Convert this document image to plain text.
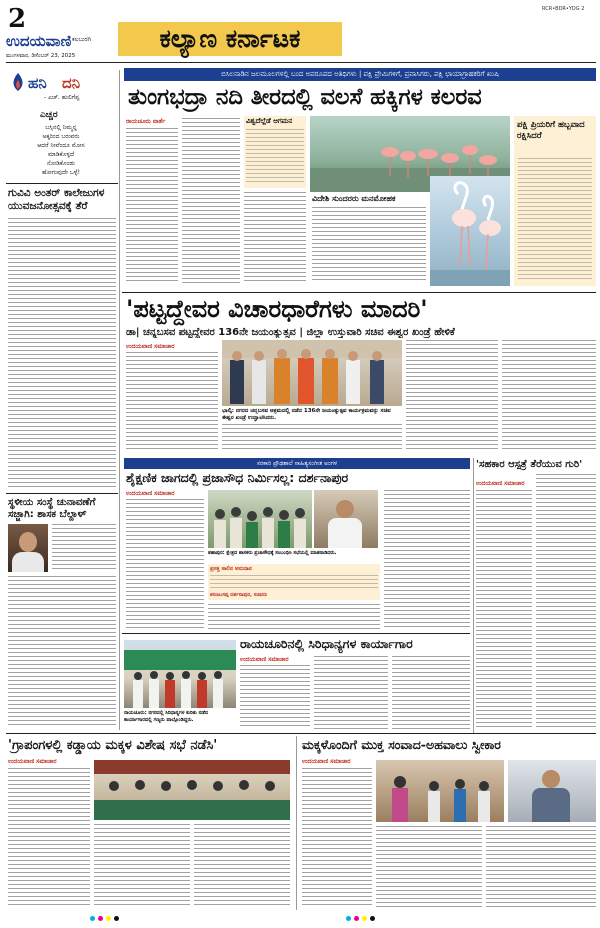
2
ಉದಯವಾಣಿ ಕಲಬುರಗಿ
ಮಂಗಳವಾರ, ಡಿಸೆಂಬರ್ 23, 2025
ಕಲ್ಯಾಣ ಕರ್ನಾಟಕ
RCR•BDR•YDG 2
ಹನಿ ದನಿ
- ಎಚ್. ಹುಲಿಗೆಪ್ಪ
ಎಚ್ಚರ
ಬಸ್ಸಿನಲ್ಲಿ ನಿಮ್ಮನ್ನ
ಅಕ್ಕರಿಂದ ಬರುವರು
ಆದರೆ ನೀವೆಂದೂ ಮೋಸ
ಮಾಡಿಕೊಳ್ಳದೆ
ನೋಡಿಕೊಂಡು
ಹೋಗುವುದೇ ಒಳ್ಳೆ!
ಗುವಿವಿ ಅಂತರ್ ಕಾಲೇಜುಗಳ ಯುವಜನೋತ್ಸವಕ್ಕೆ ತೆರೆ
ಸ್ಥಳೀಯ ಸಂಸ್ಥೆ ಚುನಾವಣೆಗೆ ಸಜ್ಜಾಗಿ: ಶಾಸಕ ಬೆಲ್ದಾಳ್
ಬಿಸಿಲನಾಡಿನ ಜಲಮೂಲಗಳಲ್ಲಿ ಬಂದ ಅಪರೂಪದ ಅತಿಥಿಗಳು | ಪಕ್ಷಿ ಪ್ರೇಮಿಗಳಿಗೆ, ಪ್ರವಾಸಿಗರು, ಪಕ್ಷಿ ಛಾಯಾಗ್ರಾಹಕರಿಗೆ ಖುಷಿ
ತುಂಗಭದ್ರಾ ನದಿ ತೀರದಲ್ಲಿ ವಲಸೆ ಹಕ್ಕಿಗಳ ಕಲರವ
ರಾಯಚೂರು ವಾರ್ತೆ	ವಿಶ್ವದೆಲ್ಲೆಡೆ ಆಗಮನ
ವಿದೇಶಿ ಸುಂದರರು ಮನಮೋಹಕ
ಪಕ್ಷಿ ಪ್ರಿಯರಿಗೆ ಹಬ್ಬವಾದ ರಕ್ಷಿಸಿದರೆ
'ಪಟ್ಟದ್ದೇವರ ವಿಚಾರಧಾರೆಗಳು ಮಾದರಿ'
ಡಾ| ಚನ್ನಬಸವ ಪಟ್ಟದ್ದೇವರ 136ನೇ ಜಯಂತ್ಯುತ್ಸವ | ಜಿಲ್ಲಾ ಉಸ್ತುವಾರಿ ಸಚಿವ ಈಶ್ವರ ಖಂಡ್ರೆ ಹೇಳಿಕೆ
ಉದಯವಾಣಿ ಸಮಾಚಾರ
ಭಾಲ್ಕಿ: ನಗರದ ಚನ್ನಬಸವ ಆಶ್ರಮದಲ್ಲಿ ನಡೆದ 136ನೇ ಜಯಂತ್ಯುತ್ಸವ ಕಾರ್ಯಕ್ರಮವನ್ನು ಸಚಿವ ಈಶ್ವರ ಖಂಡ್ರೆ ಉದ್ಘಾಟಿಸಿದರು.
ಸರಕಾರಿ ಪ್ರೌಢಶಾಲೆ ಸಾಹಿತ್ಯಸಂಗೀತ ಅಂಗಳ
ಶೈಕ್ಷಣಿಕ ಜಾಗದಲ್ಲಿ ಪ್ರಜಾಸೌಧ ನಿರ್ಮಿಸಲ್ಲ: ದರ್ಶನಾಪುರ
ಉದಯವಾಣಿ ಸಮಾಚಾರ
ಶಹಾಪುರ: ಕ್ಷೇತ್ರದ ಶಾಸಕರು ಪ್ರಜಾಸೌಧಕ್ಕೆ ಸಂಬಂಧಿಸಿ ಸಭೆಯಲ್ಲಿ ಮಾತನಾಡಿದರು.
ಪ್ರಸಕ್ತ ಸಾಲಿನ ಅನುದಾನ
ಶರಣಬಸಪ್ಪ ದರ್ಶನಾಪುರ, ಸಚಿವರು
'ಸಹಕಾರ ಆಸ್ಪತ್ರೆ ತೆರೆಯುವ ಗುರಿ'
ಉದಯವಾಣಿ ಸಮಾಚಾರ
ರಾಯಚೂರು: ನಗರದಲ್ಲಿ ಸಿರಿಧಾನ್ಯಗಳ ಕುರಿತು ನಡೆದ ಕಾರ್ಯಾಗಾರದಲ್ಲಿ ಗಣ್ಯರು ಪಾಲ್ಗೊಂಡಿದ್ದರು.
ರಾಯಚೂರಿನಲ್ಲಿ ಸಿರಿಧಾನ್ಯಗಳ ಕಾರ್ಯಾಗಾರ
ಉದಯವಾಣಿ ಸಮಾಚಾರ
'ಗ್ರಾಪಂಗಳಲ್ಲಿ ಕಡ್ಡಾಯ ಮಕ್ಕಳ ವಿಶೇಷ ಸಭೆ ನಡೆಸಿ'
ಉದಯವಾಣಿ ಸಮಾಚಾರ
ಮಕ್ಕಳೊಂದಿಗೆ ಮುಕ್ತ ಸಂವಾದ-ಅಹವಾಲು ಸ್ವೀಕಾರ
ಉದಯವಾಣಿ ಸಮಾಚಾರ
